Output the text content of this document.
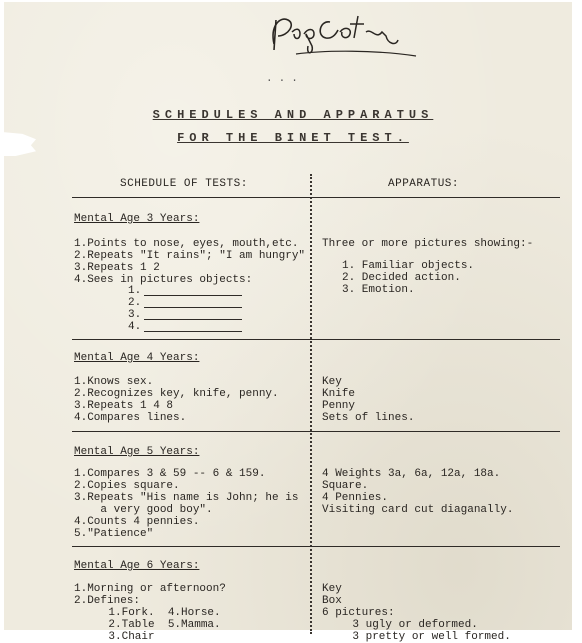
...
SCHEDULES AND APPARATUS
FOR THE BINET TEST.
SCHEDULE OF TESTS:	APPARATUS:
Mental Age 3 Years:
1.Points to nose, eyes, mouth,etc.
2.Repeats "It rains"; "I am hungry"
3.Repeats 1 2
4.Sees in pictures objects:
1.
2.
3.
4.
Three or more pictures showing:-
1. Familiar objects.
2. Decided action.
3. Emotion.
Mental Age 4 Years:
1.Knows sex.
2.Recognizes key, knife, penny.
3.Repeats 1 4 8
4.Compares lines.
Key
Knife
Penny
Sets of lines.
Mental Age 5 Years:
1.Compares 3 & 59 -- 6 & 159.
2.Copies square.
3.Repeats "His name is John; he is
a very good boy".
4.Counts 4 pennies.
5."Patience"
4 Weights 3a, 6a, 12a, 18a.
Square.
4 Pennies.
Visiting card cut diaganally.
Mental Age 6 Years:
1.Morning or afternoon?
2.Defines:
1.Fork.  4.Horse.
2.Table  5.Mamma.
3.Chair
Key
Box
6 pictures:
3 ugly or deformed.
3 pretty or well formed.
